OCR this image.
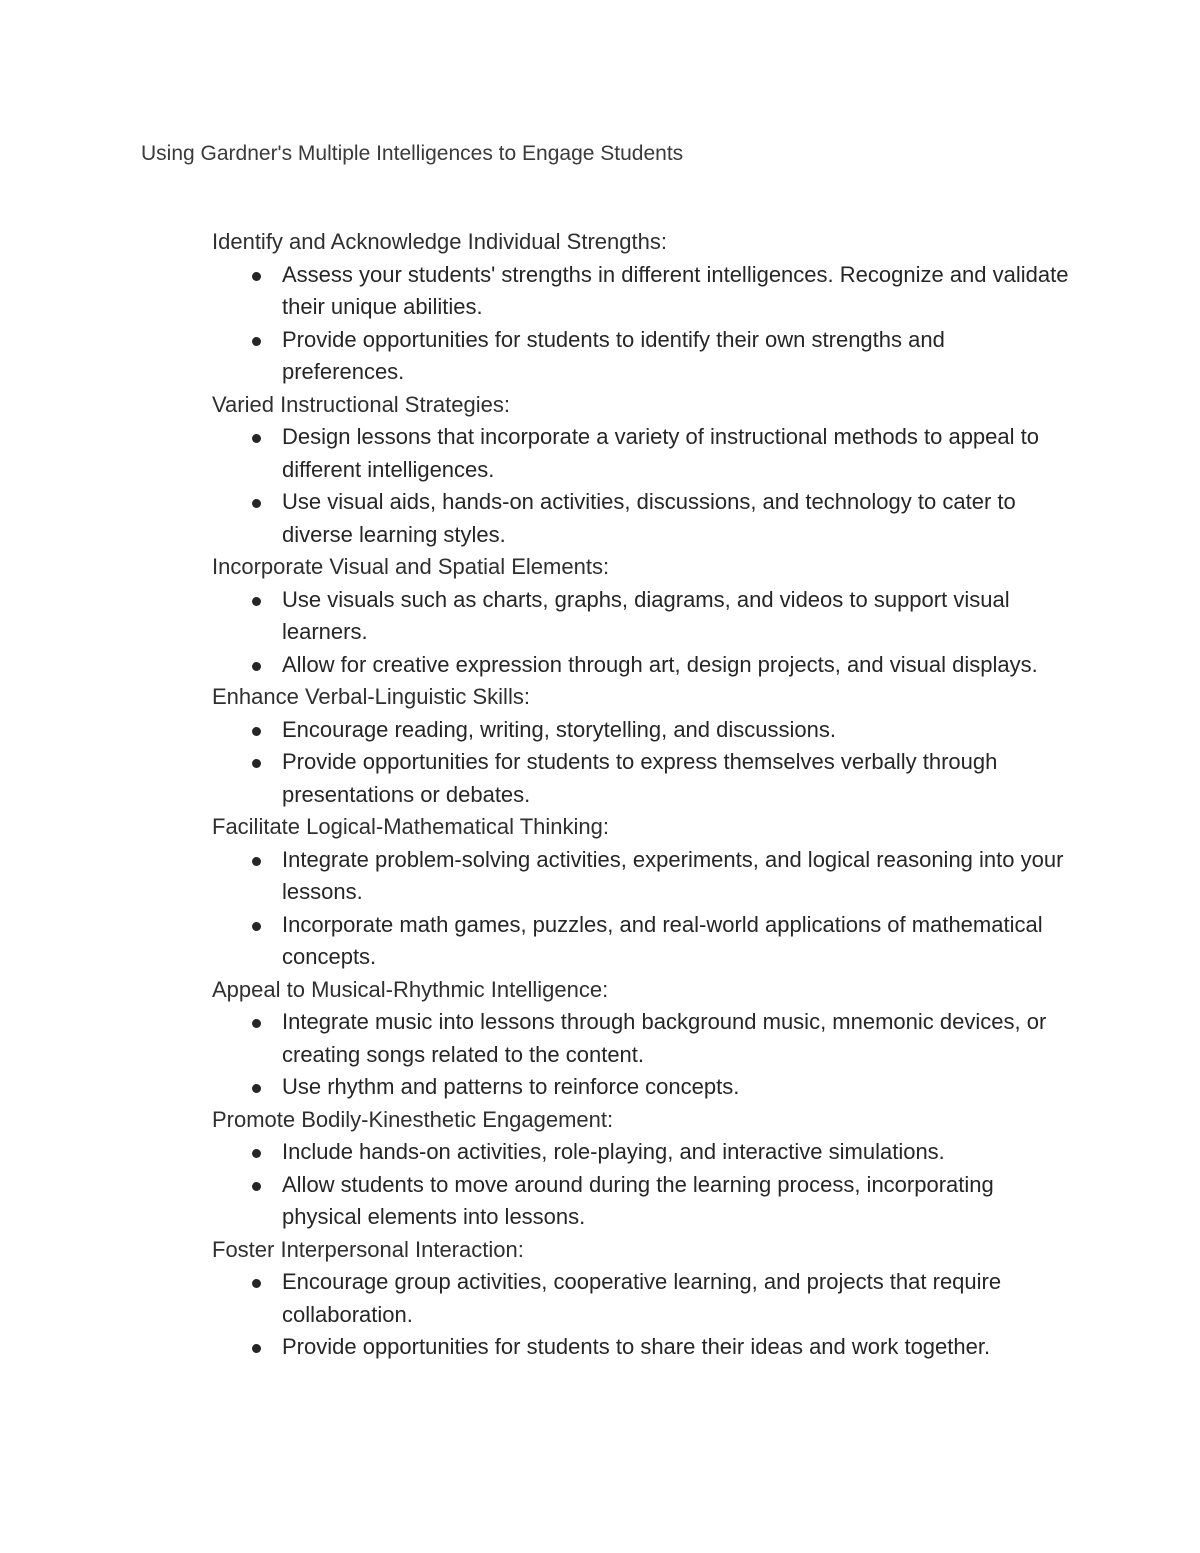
Using Gardner's Multiple Intelligences to Engage Students

Identify and Acknowledge Individual Strengths:

Assess your students' strengths in different intelligences. Recognize and validate their unique abilities.
Provide opportunities for students to identify their own strengths and preferences.

Varied Instructional Strategies:

Design lessons that incorporate a variety of instructional methods to appeal to different intelligences.
Use visual aids, hands-on activities, discussions, and technology to cater to diverse learning styles.

Incorporate Visual and Spatial Elements:

Use visuals such as charts, graphs, diagrams, and videos to support visual learners.
Allow for creative expression through art, design projects, and visual displays.

Enhance Verbal-Linguistic Skills:

Encourage reading, writing, storytelling, and discussions.
Provide opportunities for students to express themselves verbally through presentations or debates.

Facilitate Logical-Mathematical Thinking:

Integrate problem-solving activities, experiments, and logical reasoning into your lessons.
Incorporate math games, puzzles, and real-world applications of mathematical concepts.

Appeal to Musical-Rhythmic Intelligence:

Integrate music into lessons through background music, mnemonic devices, or creating songs related to the content.
Use rhythm and patterns to reinforce concepts.

Promote Bodily-Kinesthetic Engagement:

Include hands-on activities, role-playing, and interactive simulations.
Allow students to move around during the learning process, incorporating physical elements into lessons.

Foster Interpersonal Interaction:

Encourage group activities, cooperative learning, and projects that require collaboration.
Provide opportunities for students to share their ideas and work together.
